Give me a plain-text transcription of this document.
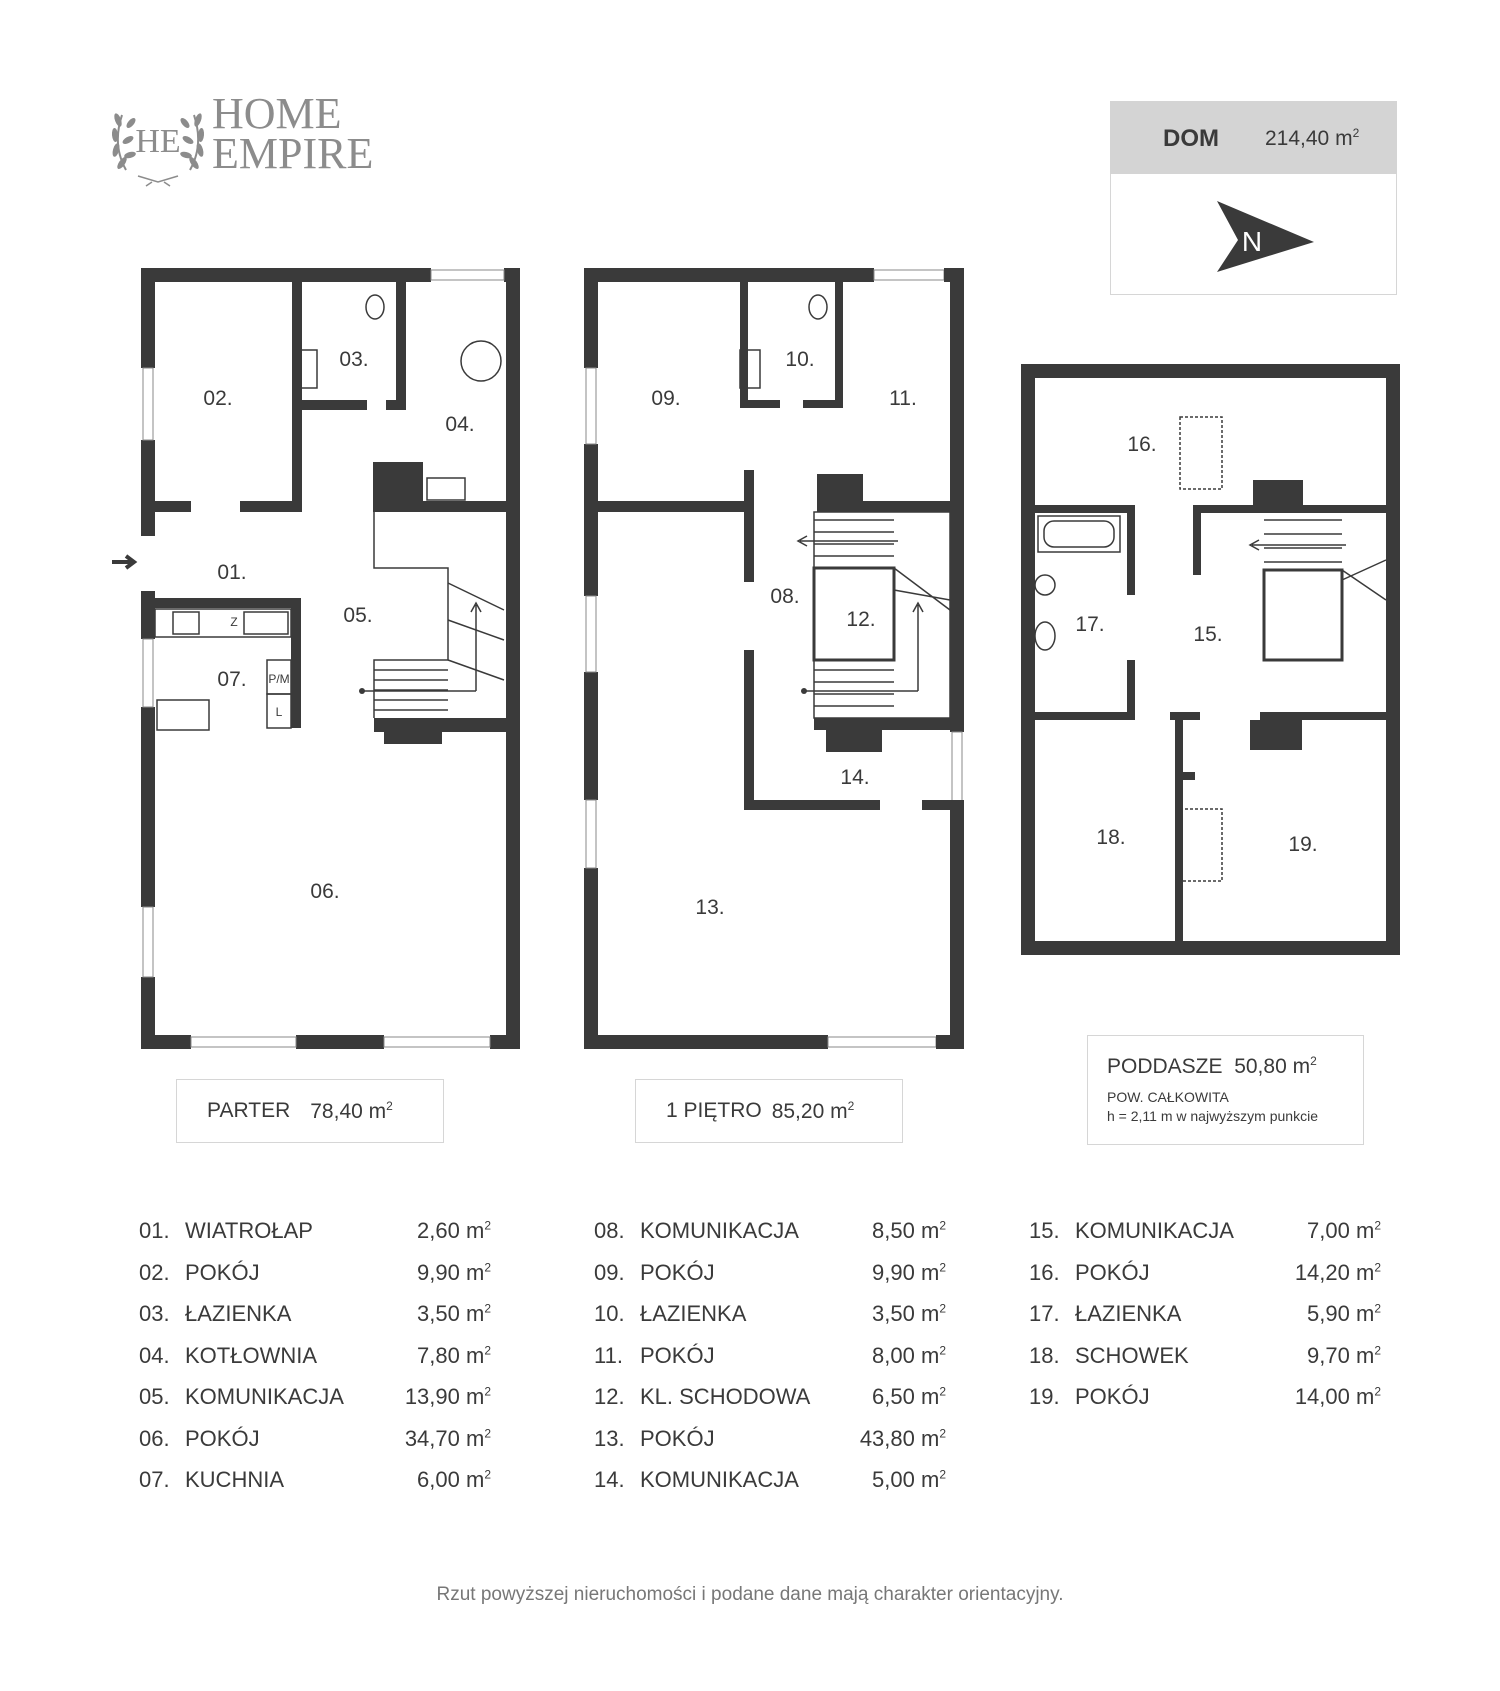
HE
HOME
EMPIRE	DOM 214,40 $m^2$
N
Z
P/M
L
01.
02.
03.
04.
05.
06.
07.
08.
09.
10.
11.
12.
13.
14.
15.
16.
17.
18.	19.
PARTER 78,40 $m^2$	1 PIĘTRO 85,20 $m^2$
PODDASZE 50,80 $m^2$
POW. CAŁKOWITA
h = 2,11 m w najwyższym punkcie
01. WIATROŁAP	2,60 $m^2$
02. POKÓJ	9,90 $m^2$
03. ŁAZIENKA	3,50 $m^2$
04. KOTŁOWNIA	7,80 $m^2$
05. KOMUNIKACJA	13,90 $m^2$
06. POKÓJ	34,70 $m^2$
07. KUCHNIA	6,00 $m^2$
08. KOMUNIKACJA	8,50 $m^2$
09. POKÓJ	9,90 $m^2$
10. ŁAZIENKA	3,50 $m^2$
11. POKÓJ	8,00 $m^2$
12. KL. SCHODOWA	6,50 $m^2$
13. POKÓJ	43,80 $m^2$
14. KOMUNIKACJA	5,00 $m^2$
15. KOMUNIKACJA	7,00 $m^2$
16. POKÓJ	14,20 $m^2$
17. ŁAZIENKA	5,90 $m^2$
18. SCHOWEK	9,70 $m^2$
19. POKÓJ	14,00 $m^2$
Rzut powyższej nieruchomości i podane dane mają charakter orientacyjny.
